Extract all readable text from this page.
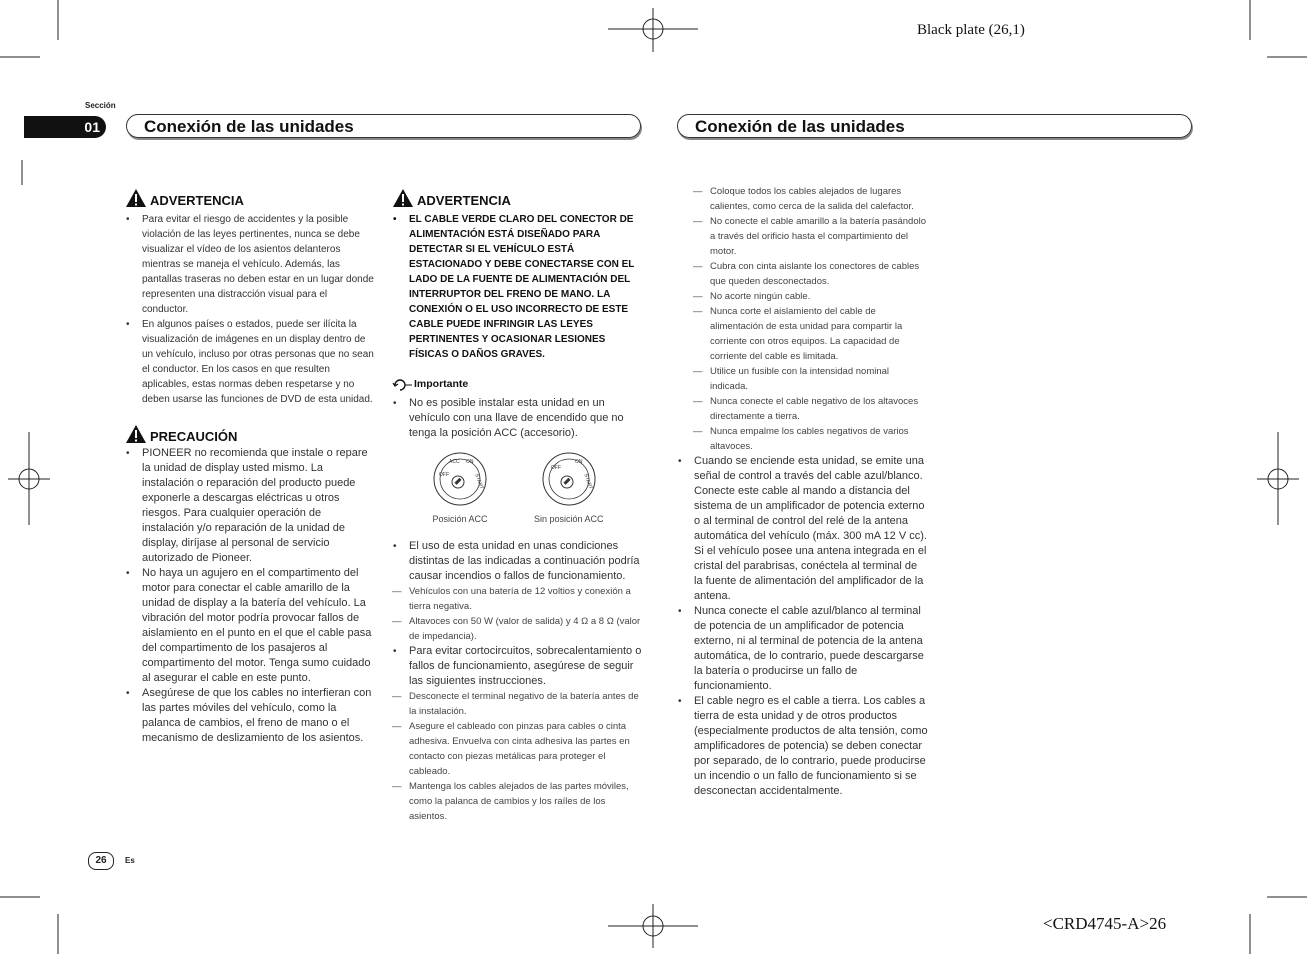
Black plate (26,1)
<CRD4745-A>26
Sección
01	Conexión de las unidades	Conexión de las unidades
ADVERTENCIA
• Para evitar el riesgo de accidentes y la posible violación de las leyes pertinentes, nunca se debe visualizar el vídeo de los asientos delanteros mientras se maneja el vehículo. Además, las pantallas traseras no deben estar en un lugar donde representen una distracción visual para el conductor.
• En algunos países o estados, puede ser ilícita la visualización de imágenes en un display dentro de un vehículo, incluso por otras personas que no sean el conductor. En los casos en que resulten aplicables, estas normas deben respetarse y no deben usarse las funciones de DVD de esta unidad.
PRECAUCIÓN
• PIONEER no recomienda que instale o repare la unidad de display usted mismo. La instalación o reparación del producto puede exponerle a descargas eléctricas u otros riesgos. Para cualquier operación de instalación y/o reparación de la unidad de display, diríjase al personal de servicio autorizado de Pioneer.
• No haya un agujero en el compartimento del motor para conectar el cable amarillo de la unidad de display a la batería del vehículo. La vibración del motor podría provocar fallos de aislamiento en el punto en el que el cable pasa del compartimento de los pasajeros al compartimento del motor. Tenga sumo cuidado al asegurar el cable en este punto.
• Asegúrese de que los cables no interfieran con las partes móviles del vehículo, como la palanca de cambios, el freno de mano o el mecanismo de deslizamiento de los asientos.
ADVERTENCIA
• EL CABLE VERDE CLARO DEL CONECTOR DE ALIMENTACIÓN ESTÁ DISEÑADO PARA DETECTAR SI EL VEHÍCULO ESTÁ ESTACIONADO Y DEBE CONECTARSE CON EL LADO DE LA FUENTE DE ALIMENTACIÓN DEL INTERRUPTOR DEL FRENO DE MANO. LA CONEXIÓN O EL USO INCORRECTO DE ESTE CABLE PUEDE INFRINGIR LAS LEYES PERTINENTES Y OCASIONAR LESIONES FÍSICAS O DAÑOS GRAVES.
Importante
• No es posible instalar esta unidad en un vehículo con una llave de encendido que no tenga la posición ACC (accesorio).
OFF
ACC ON
START
Posición ACC
OFF
ON
START
Sin posición ACC
• El uso de esta unidad en unas condiciones distintas de las indicadas a continuación podría causar incendios o fallos de funcionamiento.
— Vehículos con una batería de 12 voltios y conexión a tierra negativa.
— Altavoces con 50 W (valor de salida) y 4 Ω a 8 Ω (valor de impedancia).
• Para evitar cortocircuitos, sobrecalentamiento o fallos de funcionamiento, asegúrese de seguir las siguientes instrucciones.
— Desconecte el terminal negativo de la batería antes de la instalación.
— Asegure el cableado con pinzas para cables o cinta adhesiva. Envuelva con cinta adhesiva las partes en contacto con piezas metálicas para proteger el cableado.
— Mantenga los cables alejados de las partes móviles, como la palanca de cambios y los raíles de los asientos.
— Coloque todos los cables alejados de lugares calientes, como cerca de la salida del calefactor.
— No conecte el cable amarillo a la batería pasándolo a través del orificio hasta el compartimiento del motor.
— Cubra con cinta aislante los conectores de cables que queden desconectados.
— No acorte ningún cable.
— Nunca corte el aislamiento del cable de alimentación de esta unidad para compartir la corriente con otros equipos. La capacidad de corriente del cable es limitada.
— Utilice un fusible con la intensidad nominal indicada.
— Nunca conecte el cable negativo de los altavoces directamente a tierra.
— Nunca empalme los cables negativos de varios altavoces.
• Cuando se enciende esta unidad, se emite una señal de control a través del cable azul/blanco. Conecte este cable al mando a distancia del sistema de un amplificador de potencia externo o al terminal de control del relé de la antena automática del vehículo (máx. 300 mA 12 V cc). Si el vehículo posee una antena integrada en el cristal del parabrisas, conéctela al terminal de la fuente de alimentación del amplificador de la antena.
• Nunca conecte el cable azul/blanco al terminal de potencia de un amplificador de potencia externo, ni al terminal de potencia de la antena automática, de lo contrario, puede descargarse la batería o producirse un fallo de funcionamiento.
• El cable negro es el cable a tierra. Los cables a tierra de esta unidad y de otros productos (especialmente productos de alta tensión, como amplificadores de potencia) se deben conectar por separado, de lo contrario, puede producirse un incendio o un fallo de funcionamiento si se desconectan accidentalmente.
26	Es
